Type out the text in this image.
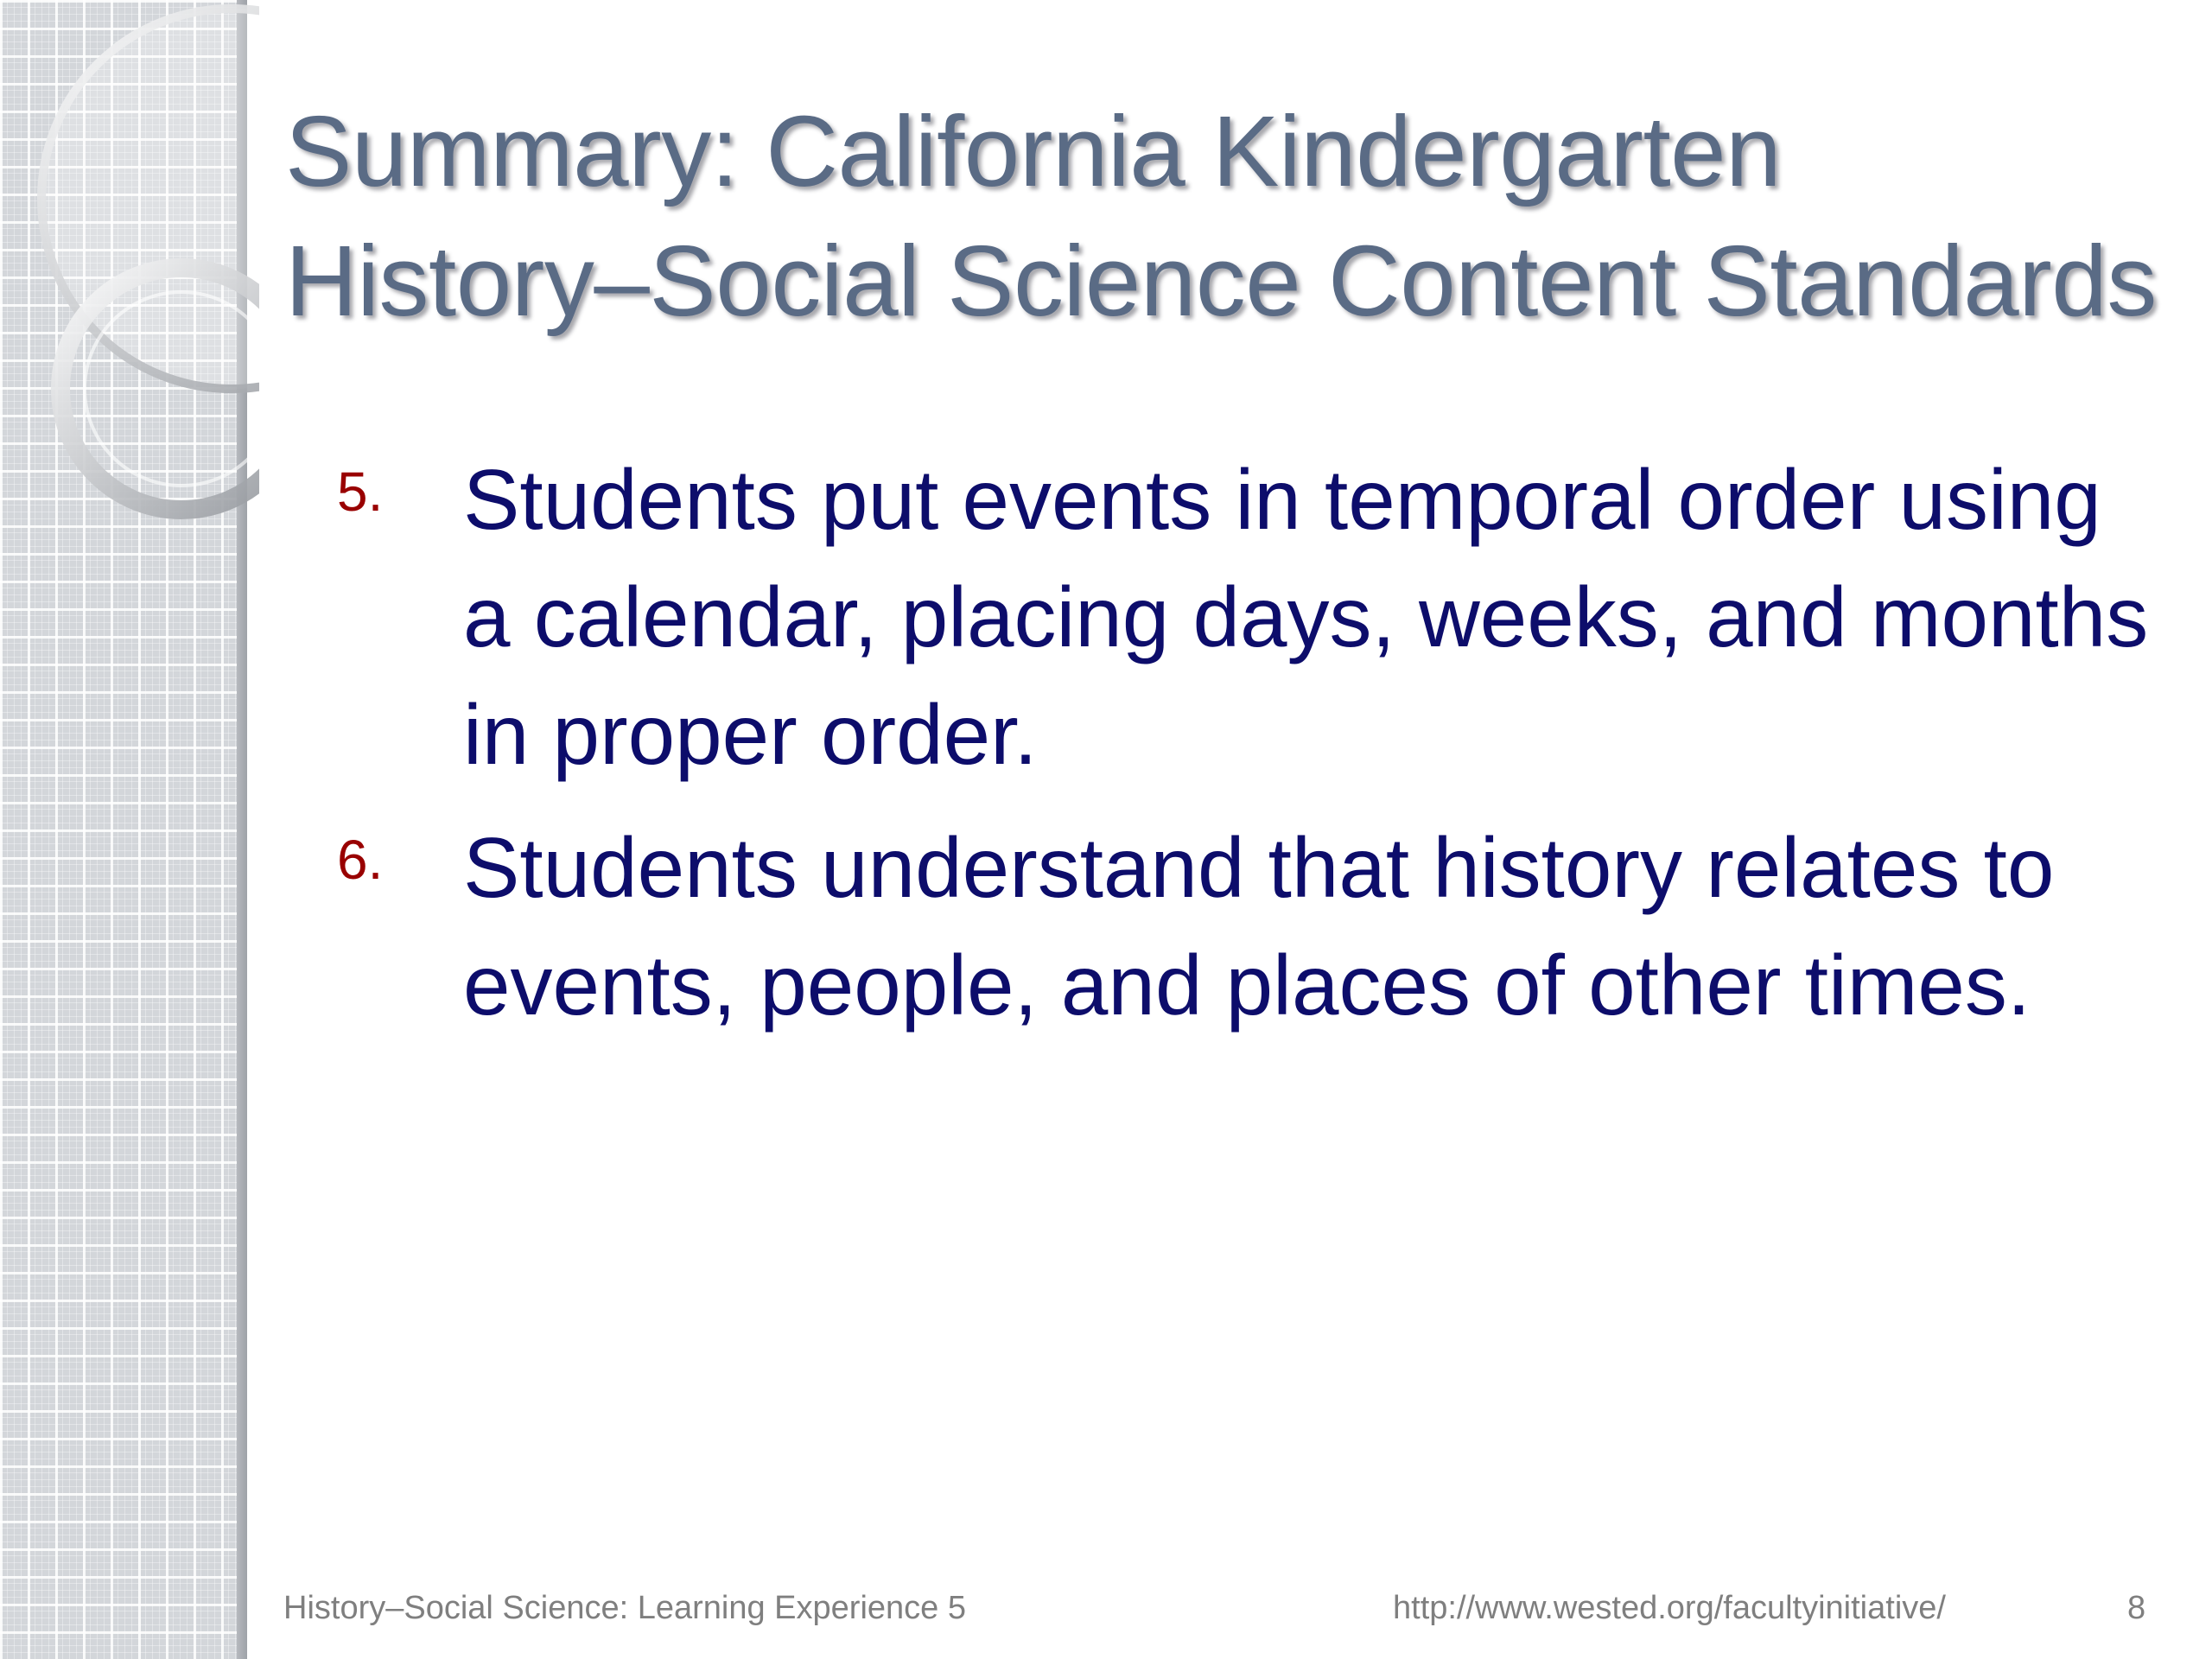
Summary: California Kindergarten
History–Social Science Content Standards
5. Students put events in temporal order using a calendar, placing days, weeks, and months in proper order.
6. Students understand that history relates to events, people, and places of other times.
History–Social Science: Learning Experience 5	http://www.wested.org/facultyinitiative/	8
